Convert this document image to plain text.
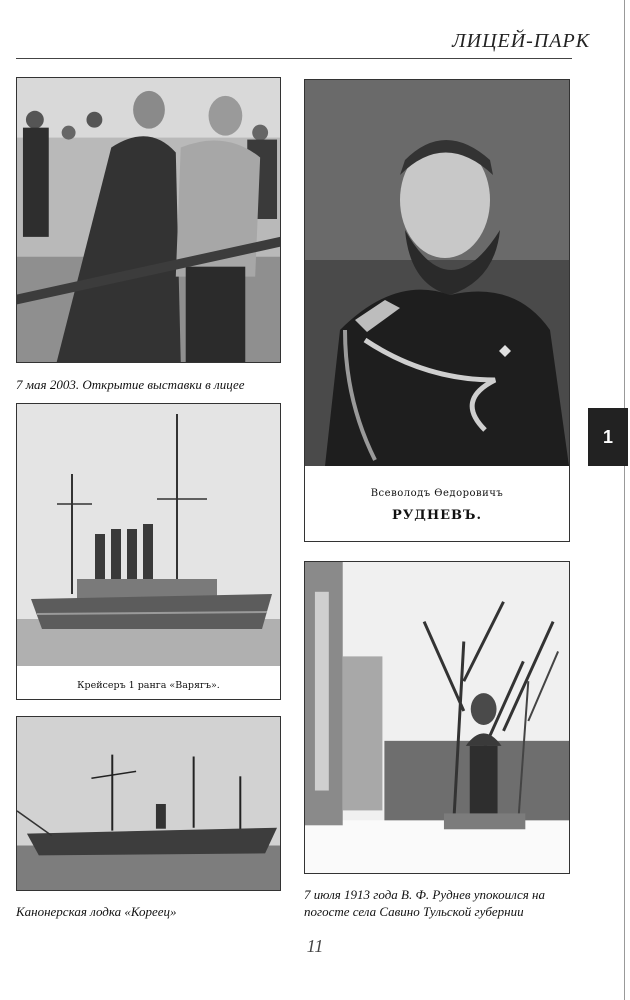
ЛИЦЕЙ-ПАРК
7 мая 2003. Открытие выставки в лицее
Всеволодъ Өедоровичъ
РУДНЕВЪ.
Крейсеръ 1 ранга «Варягъ».
7 июля 1913 года В. Ф. Руднев упокоился на
погосте села Савино Тульской губернии
Канонерская лодка «Кореец»
1
11
